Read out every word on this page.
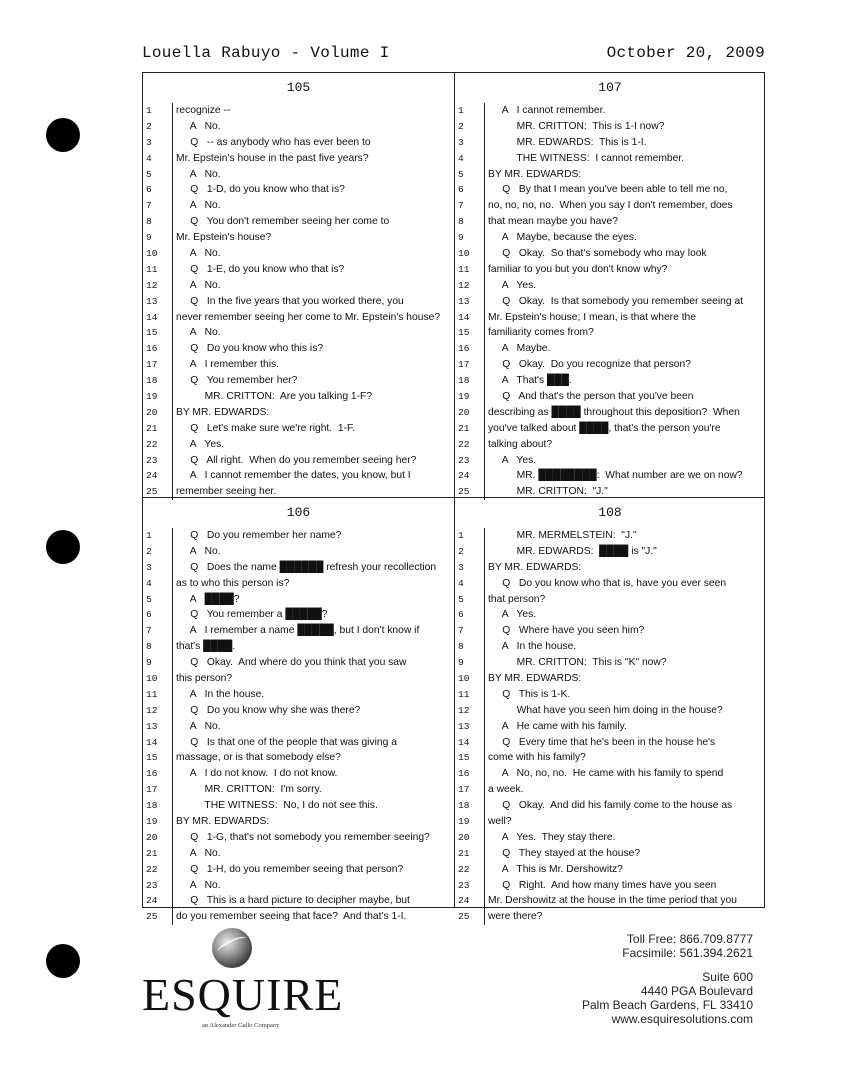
Louella Rabuyo - Volume I	October 20, 2009
105
1	recognize --
2	A   No.
3	Q   -- as anybody who has ever been to
4	Mr. Epstein's house in the past five years?
5	A   No.
6	Q   1-D, do you know who that is?
7	A   No.
8	Q   You don't remember seeing her come to
9	Mr. Epstein's house?
10	A   No.
11	Q   1-E, do you know who that is?
12	A   No.
13	Q   In the five years that you worked there, you
14	never remember seeing her come to Mr. Epstein's house?
15	A   No.
16	Q   Do you know who this is?
17	A   I remember this.
18	Q   You remember her?
19	MR. CRITTON:  Are you talking 1-F?
20	BY MR. EDWARDS:
21	Q   Let's make sure we're right.  1-F.
22	A   Yes.
23	Q   All right.  When do you remember seeing her?
24	A   I cannot remember the dates, you know, but I
25	remember seeing her.
107
1	A   I cannot remember.
2	MR. CRITTON:  This is 1-I now?
3	MR. EDWARDS:  This is 1-I.
4	THE WITNESS:  I cannot remember.
5	BY MR. EDWARDS:
6	Q   By that I mean you've been able to tell me no,
7	no, no, no, no.  When you say I don't remember, does
8	that mean maybe you have?
9	A   Maybe, because the eyes.
10	Q   Okay.  So that's somebody who may look
11	familiar to you but you don't know why?
12	A   Yes.
13	Q   Okay.  Is that somebody you remember seeing at
14	Mr. Epstein's house; I mean, is that where the
15	familiarity comes from?
16	A   Maybe.
17	Q   Okay.  Do you recognize that person?
18	A   That's ███.
19	Q   And that's the person that you've been
20	describing as ████ throughout this deposition?  When
21	you've talked about ████, that's the person you're
22	talking about?
23	A   Yes.
24	MR. ████████:  What number are we on now?
25	MR. CRITTON:  "J."
106
1	Q   Do you remember her name?
2	A   No.
3	Q   Does the name ██████ refresh your recollection
4	as to who this person is?
5	A   ████?
6	Q   You remember a █████?
7	A   I remember a name █████, but I don't know if
8	that's ████.
9	Q   Okay.  And where do you think that you saw
10	this person?
11	A   In the house.
12	Q   Do you know why she was there?
13	A   No.
14	Q   Is that one of the people that was giving a
15	massage, or is that somebody else?
16	A   I do not know.  I do not know.
17	MR. CRITTON:  I'm sorry.
18	THE WITNESS:  No, I do not see this.
19	BY MR. EDWARDS:
20	Q   1-G, that's not somebody you remember seeing?
21	A   No.
22	Q   1-H, do you remember seeing that person?
23	A   No.
24	Q   This is a hard picture to decipher maybe, but
25	do you remember seeing that face?  And that's 1-I.
108
1	MR. MERMELSTEIN:  "J."
2	MR. EDWARDS:  ████ is "J."
3	BY MR. EDWARDS:
4	Q   Do you know who that is, have you ever seen
5	that person?
6	A   Yes.
7	Q   Where have you seen him?
8	A   In the house.
9	MR. CRITTON:  This is "K" now?
10	BY MR. EDWARDS:
11	Q   This is 1-K.
12	What have you seen him doing in the house?
13	A   He came with his family.
14	Q   Every time that he's been in the house he's
15	come with his family?
16	A   No, no, no.  He came with his family to spend
17	a week.
18	Q   Okay.  And did his family come to the house as
19	well?
20	A   Yes.  They stay there.
21	Q   They stayed at the house?
22	A   This is Mr. Dershowitz?
23	Q   Right.  And how many times have you seen
24	Mr. Dershowitz at the house in the time period that you
25	were there?
ESQUIRE
an Alexander Gallo Company
Toll Free: 866.709.8777
Facsimile: 561.394.2621
Suite 600
4440 PGA Boulevard
Palm Beach Gardens, FL 33410
www.esquiresolutions.com
